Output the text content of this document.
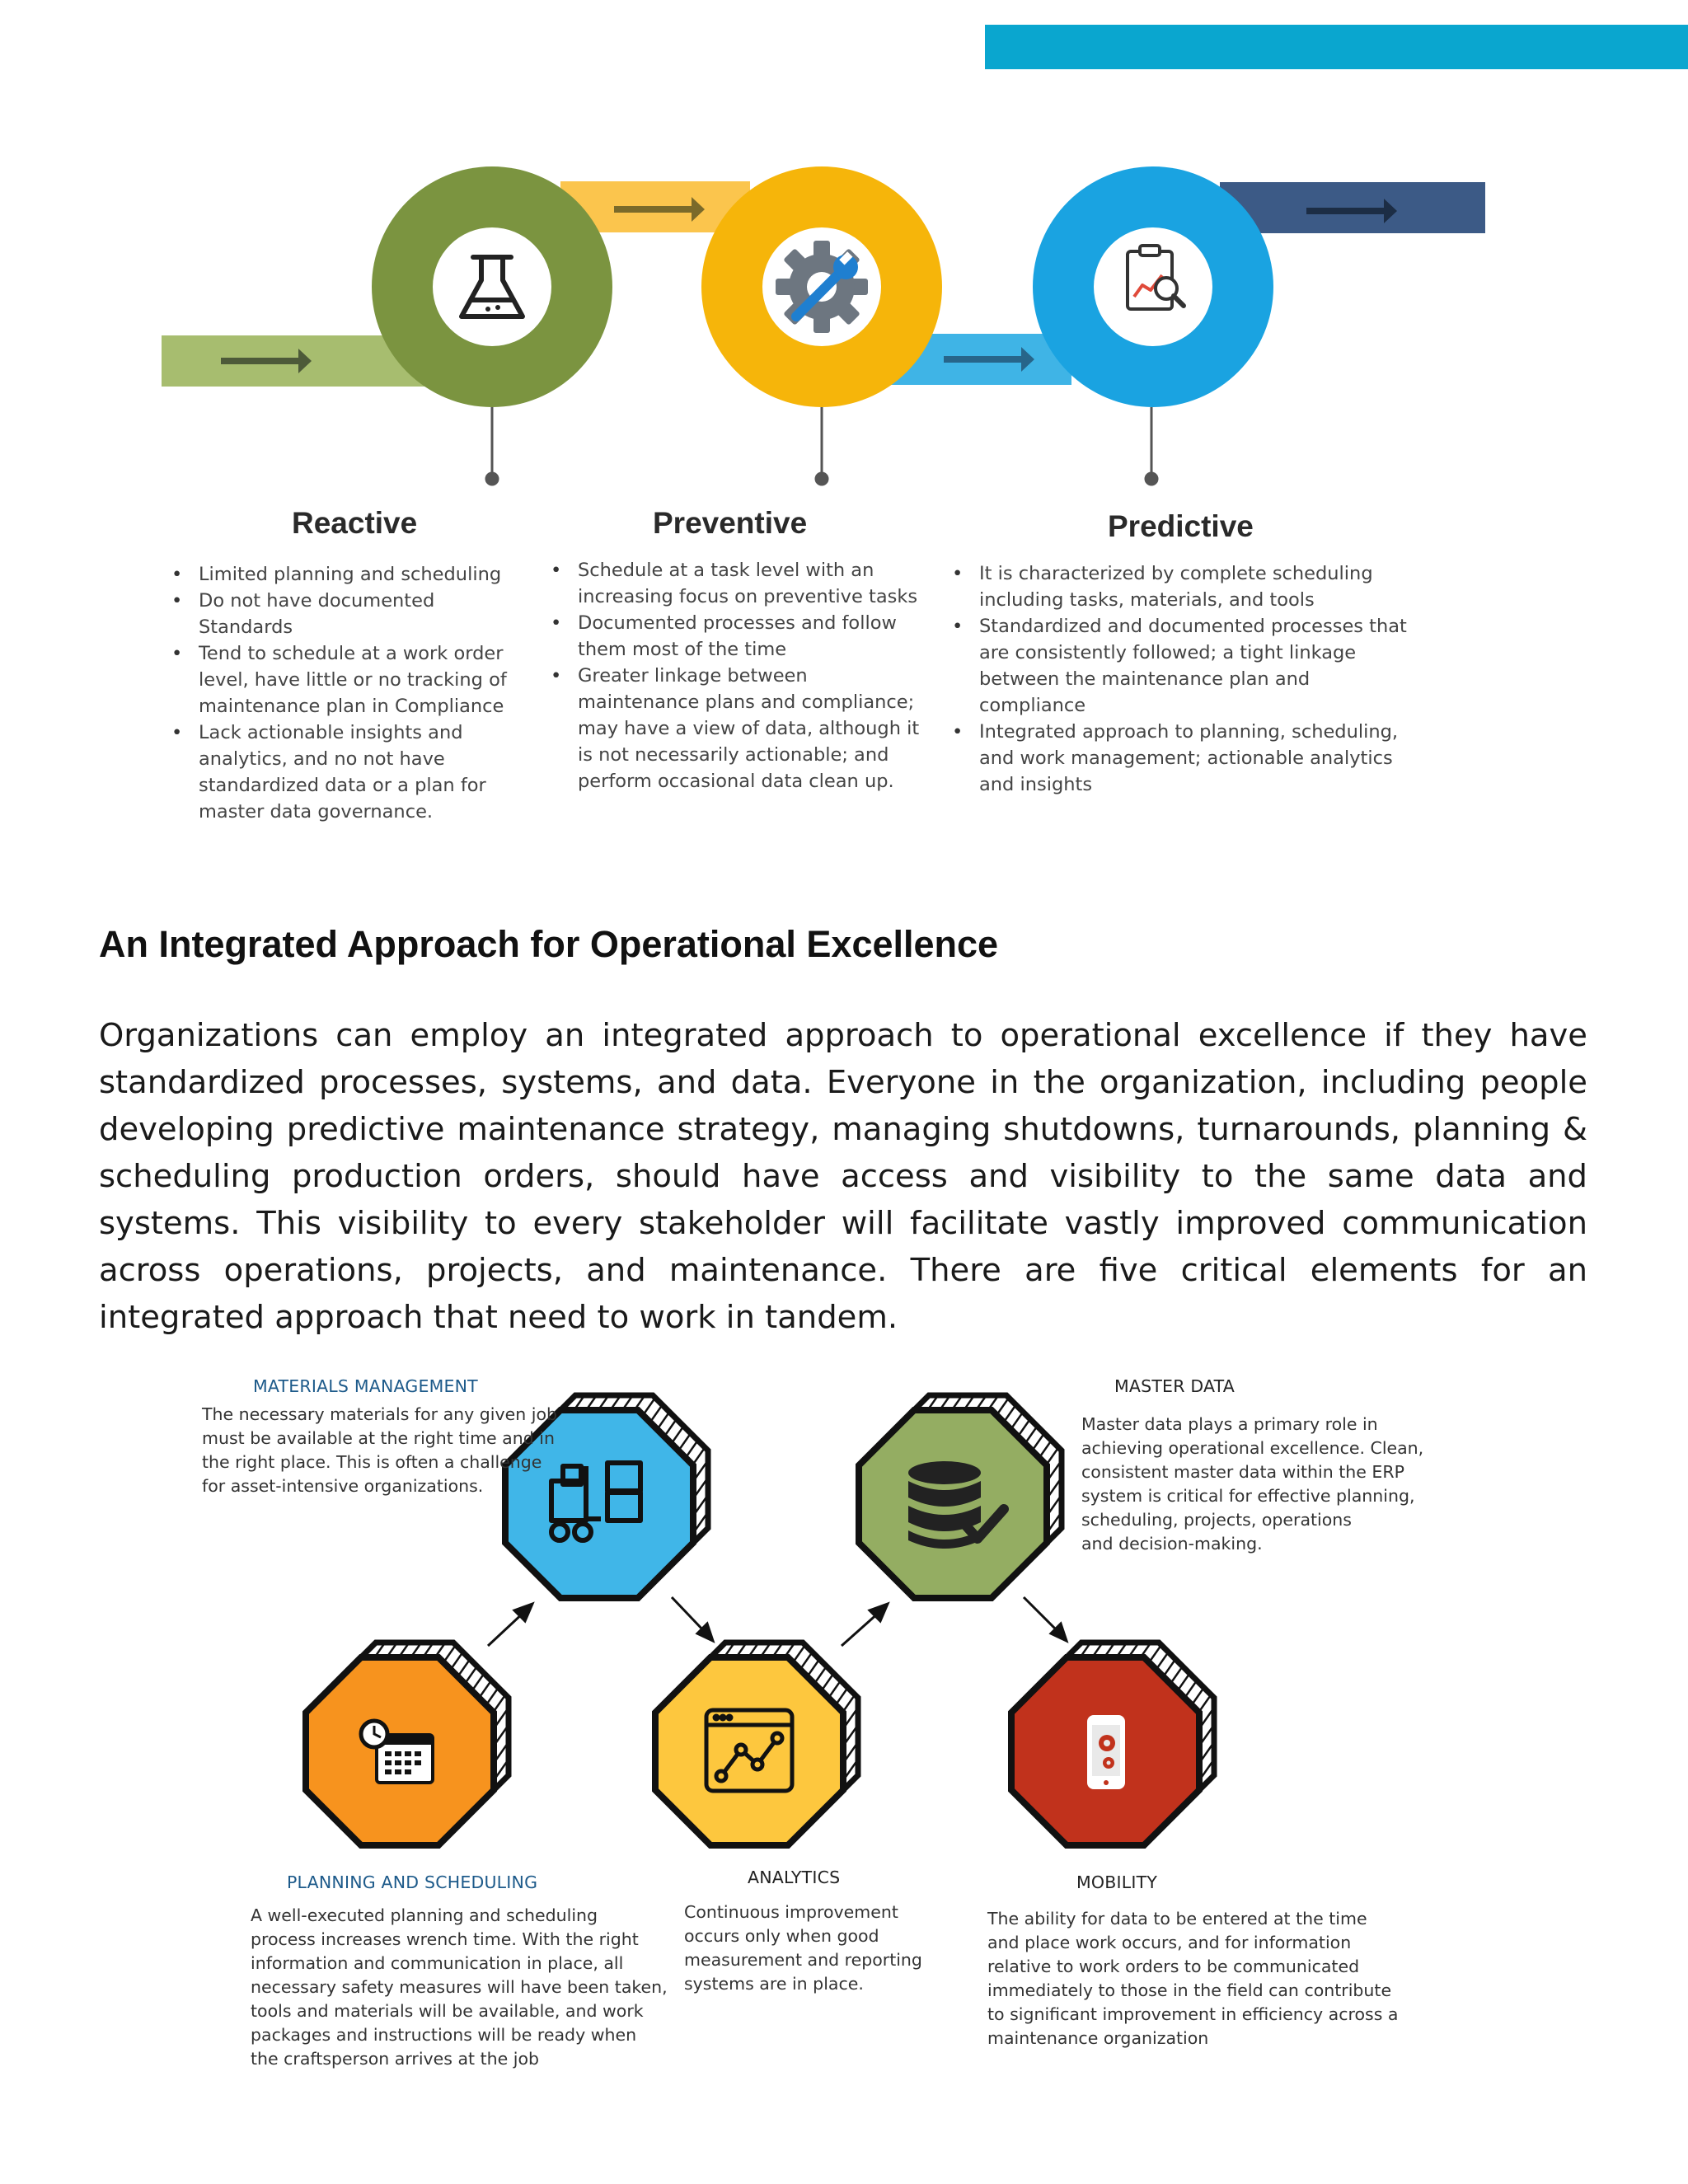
Reactive	Preventive	Predictive
• Limited planning and scheduling
• Do not have documented Standards
• Tend to schedule at a work order level, have little or no tracking of maintenance plan in Compliance
• Lack actionable insights and analytics, and no not have standardized data or a plan for master data governance.
• Schedule at a task level with an increasing focus on preventive tasks
• Documented processes and follow them most of the time
• Greater linkage between maintenance plans and compliance; may have a view of data, although it is not necessarily actionable; and perform occasional data clean up.
• It is characterized by complete scheduling including tasks, materials, and tools
• Standardized and documented processes that are consistently followed; a tight linkage between the maintenance plan and compliance
• Integrated approach to planning, scheduling, and work management; actionable analytics and insights
An Integrated Approach for Operational Excellence

Organizations can employ an integrated approach to operational excellence if they have standardized processes, systems, and data. Everyone in the organization, including people developing predictive maintenance strategy, managing shutdowns, turnarounds, planning & scheduling production orders, should have access and visibility to the same data and systems. This visibility to every stakeholder will facilitate vastly improved communication across operations, projects, and maintenance. There are five critical elements for an integrated approach that need to work in tandem.

MATERIALS MANAGEMENT	MASTER DATA
PLANNING AND SCHEDULING	ANALYTICS	MOBILITY
The necessary materials for any given job
must be available at the right time and in
the right place. This is often a challenge
for asset-intensive organizations.
Master data plays a primary role in
achieving operational excellence. Clean,
consistent master data within the ERP
system is critical for effective planning,
scheduling, projects, operations
and decision-making.
A well-executed planning and scheduling
process increases wrench time. With the right
information and communication in place, all
necessary safety measures will have been taken,
tools and materials will be available, and work
packages and instructions will be ready when
the craftsperson arrives at the job
Continuous improvement
occurs only when good
measurement and reporting
systems are in place.
The ability for data to be entered at the time
and place work occurs, and for information
relative to work orders to be communicated
immediately to those in the field can contribute
to significant improvement in efficiency across a
maintenance organization
